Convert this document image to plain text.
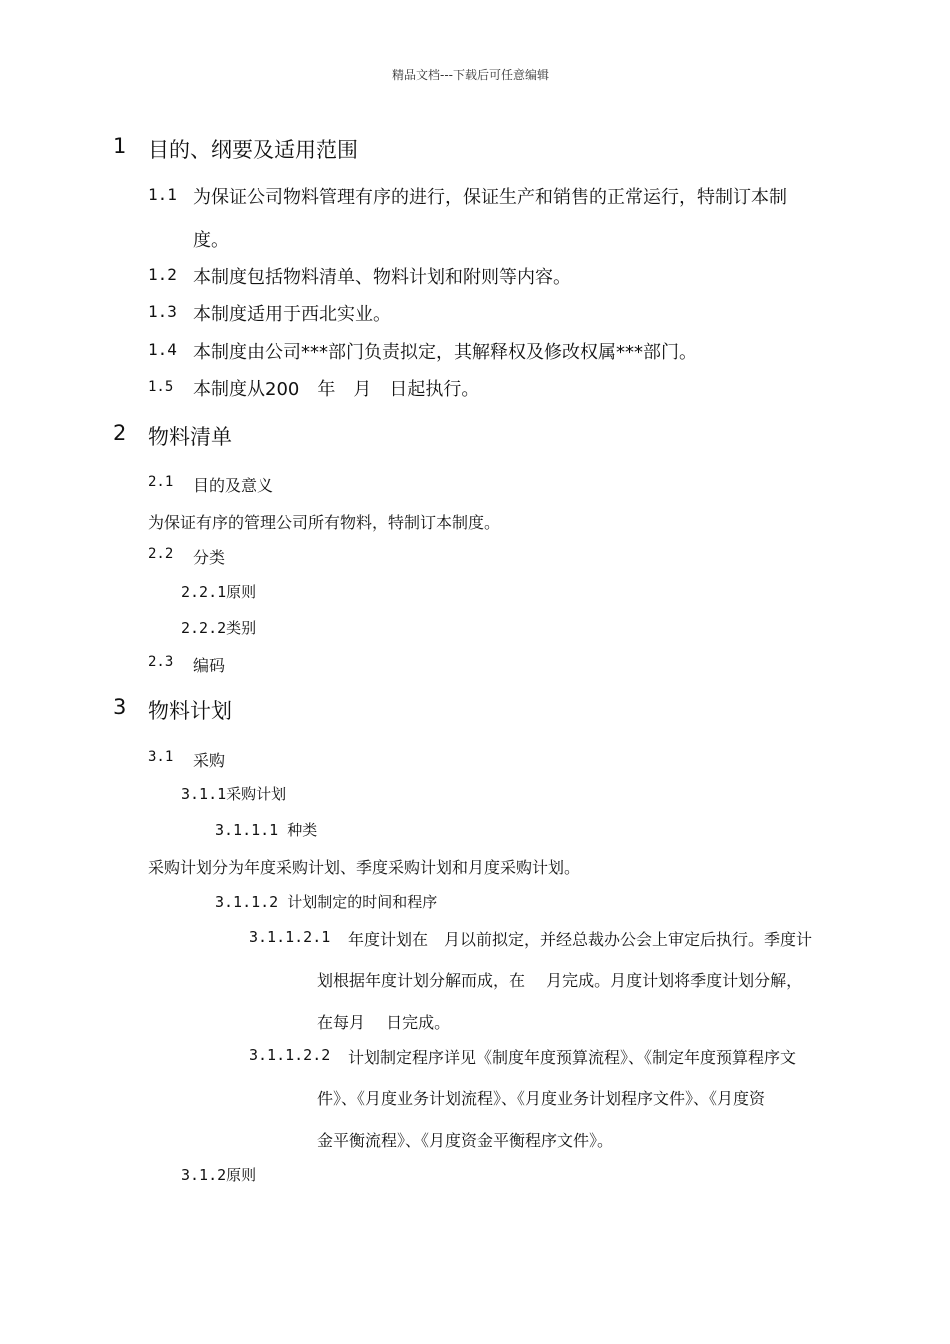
精品文档---下载后可任意编辑
1 目的、纲要及适用范围
1.1 为保证公司物料管理有序的进行，保证生产和销售的正常运行，特制订本制
度。
1.2 本制度包括物料清单、物料计划和附则等内容。
1.3 本制度适用于西北实业。
1.4 本制度由公司***部门负责拟定，其解释权及修改权属***部门。
1.5 本制度从200　年　月　日起执行。
2 物料清单
2.1 目的及意义
为保证有序的管理公司所有物料，特制订本制度。
2.2 分类
2.2.1原则
2.2.2类别
2.3 编码
3 物料计划
3.1 采购
3.1.1采购计划
3.1.1.1 种类
采购计划分为年度采购计划、季度采购计划和月度采购计划。
3.1.1.2 计划制定的时间和程序
3.1.1.2.1 年度计划在　月以前拟定，并经总裁办公会上审定后执行。季度计
划根据年度计划分解而成，在　 月完成。月度计划将季度计划分解，
在每月　 日完成。
3.1.1.2.2 计划制定程序详见《制度年度预算流程》、《制定年度预算程序文
件》、《月度业务计划流程》、《月度业务计划程序文件》、《月度资
金平衡流程》、《月度资金平衡程序文件》。
3.1.2原则
